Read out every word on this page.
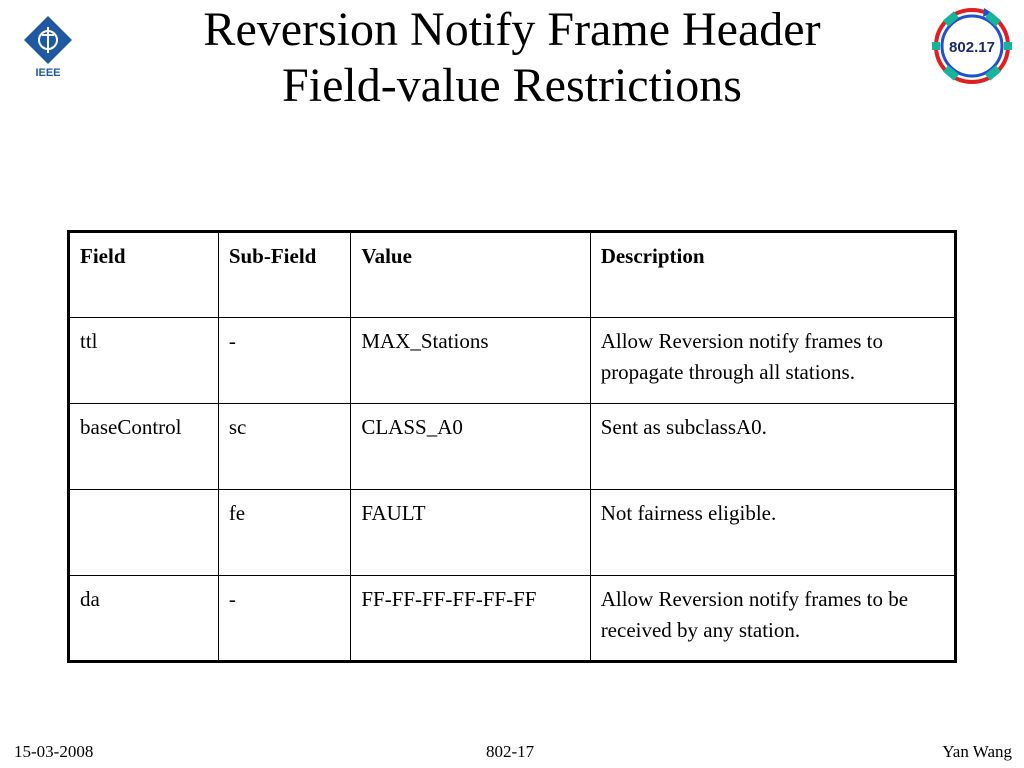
IEEE
Reversion Notify Frame Header
Field-value Restrictions
802.17
Field	Sub-Field	Value	Description
ttl	-	MAX_Stations	Allow Reversion notify frames to propagate through all stations.
baseControl	sc	CLASS_A0	Sent as subclassA0.
	fe	FAULT	Not fairness eligible.
da	-	FF-FF-FF-FF-FF-FF	Allow Reversion notify frames to be received by any station.
15-03-2008	802-17	Yan Wang
